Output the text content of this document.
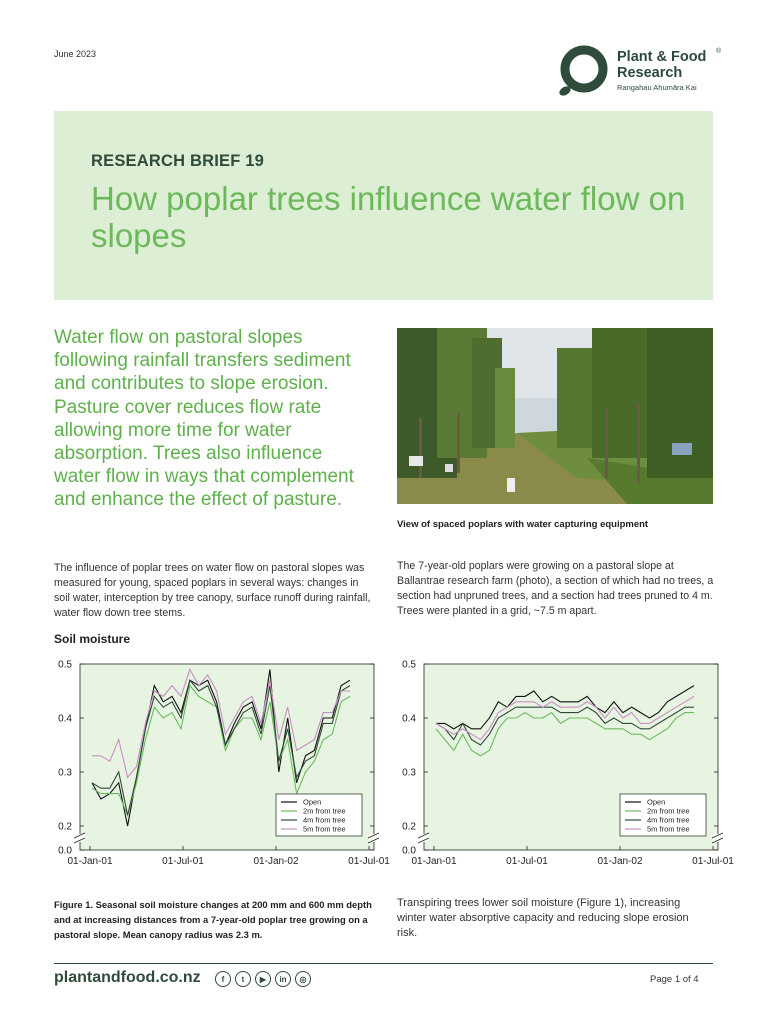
June 2023	Plant & Food Research
®
Rangahau Ahumāra Kai
RESEARCH BRIEF 19
How poplar trees influence water flow on slopes
Water flow on pastoral slopes following rainfall transfers sediment and contributes to slope erosion. Pasture cover reduces flow rate allowing more time for water absorption. Trees also influence water flow in ways that complement and enhance the effect of pasture.
View of spaced poplars with water capturing equipment
The influence of poplar trees on water flow on pastoral slopes was measured for young, spaced poplars in several ways: changes in soil water, interception by tree canopy, surface runoff during rainfall, water flow down tree stems.
The 7-year-old poplars were growing on a pastoral slope at Ballantrae research farm (photo), a section of which had no trees, a section had unpruned trees, and a section had trees pruned to 4 m. Trees were planted in a grid, ~7.5 m apart.
Soil moisture
0.5
0.4
0.3
0.2
0.0
01-Jan-01	01-Jul-01	01-Jan-02	01-Jul-01
Open
2m from tree
4m from tree
5m from tree
0.5
0.4
0.3
0.2
0.0
01-Jan-01	01-Jul-01	01-Jan-02	01-Jul-01
Open
2m from tree
4m from tree
5m from tree
Figure 1. Seasonal soil moisture changes at 200 mm and 600 mm depth and at increasing distances from a 7-year-old poplar tree growing on a pastoral slope. Mean canopy radius was 2.3 m.
Transpiring trees lower soil moisture (Figure 1), increasing winter water absorptive capacity and reducing slope erosion risk.
plantandfood.co.nz	f	t	▶	in	◎	Page 1 of 4
